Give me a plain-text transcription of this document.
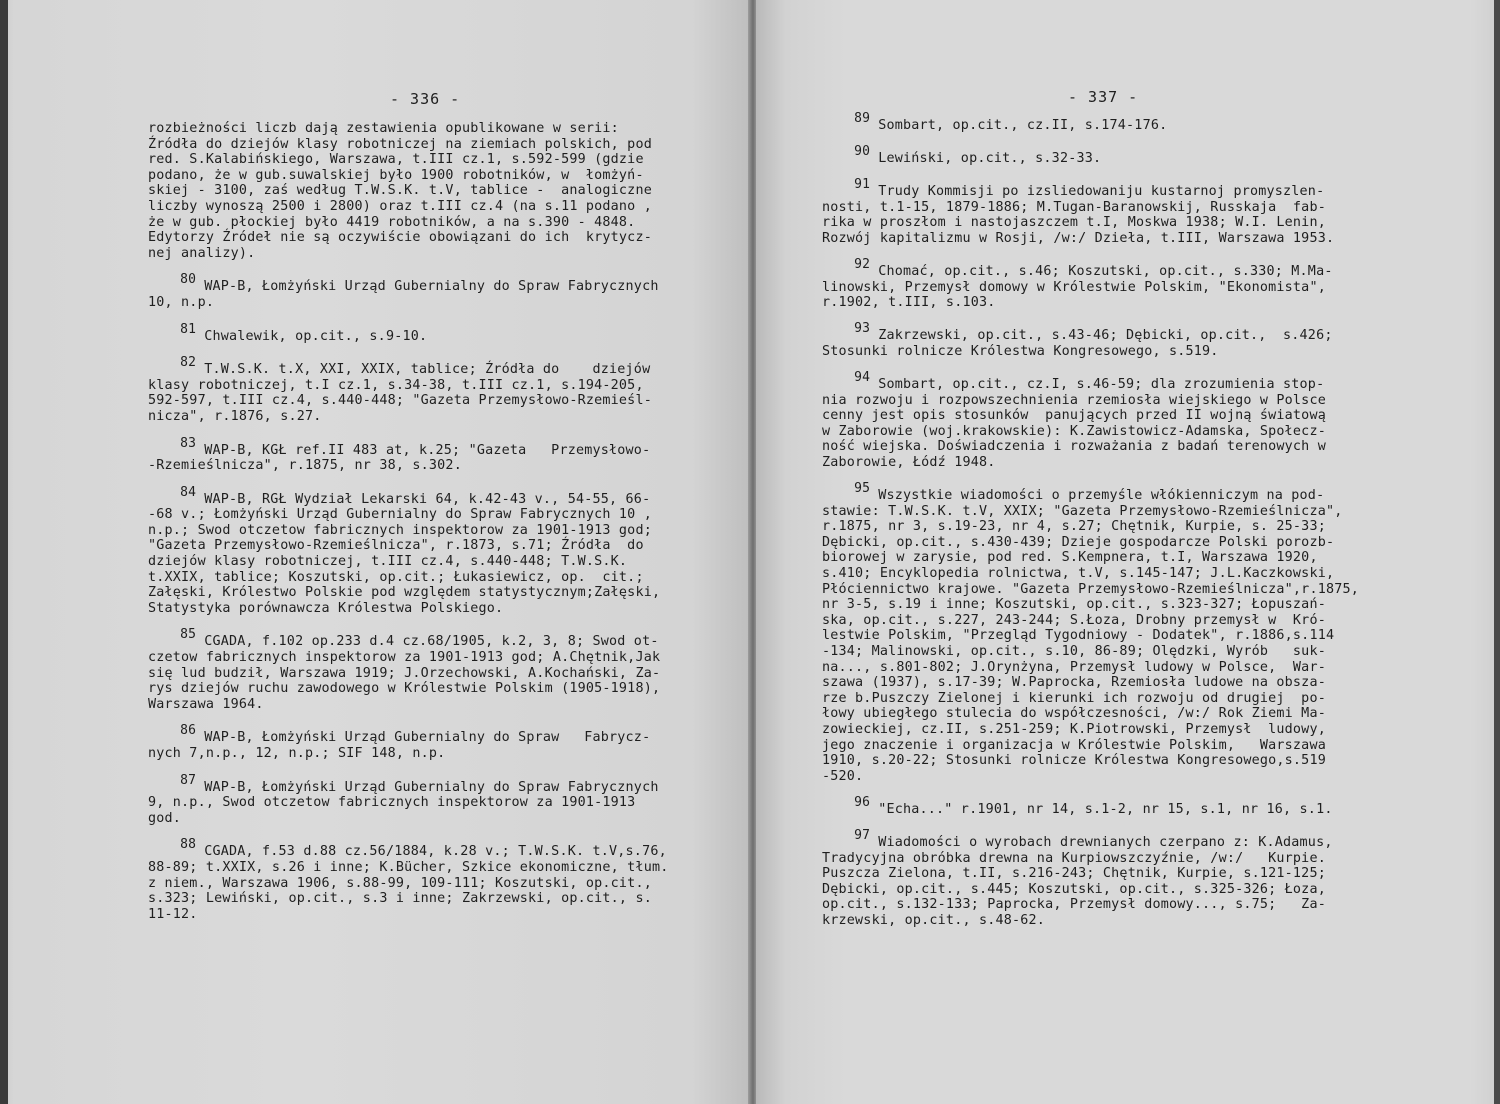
- 336 -
rozbieżności liczb dają zestawienia opublikowane w serii:
Źródła do dziejów klasy robotniczej na ziemiach polskich, pod
red. S.Kalabińskiego, Warszawa, t.III cz.1, s.592-599 (gdzie
podano, że w gub.suwalskiej było 1900 robotników, w  łomżyń-
skiej - 3100, zaś według T.W.S.K. t.V, tablice -  analogiczne
liczby wynoszą 2500 i 2800) oraz t.III cz.4 (na s.11 podano ,
że w gub. płockiej było 4419 robotników, a na s.390 - 4848.
Edytorzy Źródeł nie są oczywiście obowiązani do ich  krytycz-
nej analizy).
80 WAP-B, Łomżyński Urząd Gubernialny do Spraw Fabrycznych
10, n.p.
81 Chwalewik, op.cit., s.9-10.
82 T.W.S.K. t.X, XXI, XXIX, tablice; Źródła do    dziejów
klasy robotniczej, t.I cz.1, s.34-38, t.III cz.1, s.194-205,
592-597, t.III cz.4, s.440-448; "Gazeta Przemysłowo-Rzemieśl-
nicza", r.1876, s.27.
83 WAP-B, KGŁ ref.II 483 at, k.25; "Gazeta   Przemysłowo-
-Rzemieślnicza", r.1875, nr 38, s.302.
84 WAP-B, RGŁ Wydział Lekarski 64, k.42-43 v., 54-55, 66-
-68 v.; Łomżyński Urząd Gubernialny do Spraw Fabrycznych 10 ,
n.p.; Swod otczetow fabricznych inspektorow za 1901-1913 god;
"Gazeta Przemysłowo-Rzemieślnicza", r.1873, s.71; Źródła  do
dziejów klasy robotniczej, t.III cz.4, s.440-448; T.W.S.K.
t.XXIX, tablice; Koszutski, op.cit.; Łukasiewicz, op.  cit.;
Załęski, Królestwo Polskie pod względem statystycznym;Załęski,
Statystyka porównawcza Królestwa Polskiego.
85 CGADA, f.102 op.233 d.4 cz.68/1905, k.2, 3, 8; Swod ot-
czetow fabricznych inspektorow za 1901-1913 god; A.Chętnik,Jak
się lud budził, Warszawa 1919; J.Orzechowski, A.Kochański, Za-
rys dziejów ruchu zawodowego w Królestwie Polskim (1905-1918),
Warszawa 1964.
86 WAP-B, Łomżyński Urząd Gubernialny do Spraw   Fabrycz-
nych 7,n.p., 12, n.p.; SIF 148, n.p.
87 WAP-B, Łomżyński Urząd Gubernialny do Spraw Fabrycznych
9, n.p., Swod otczetow fabricznych inspektorow za 1901-1913
god.
88 CGADA, f.53 d.88 cz.56/1884, k.28 v.; T.W.S.K. t.V,s.76,
88-89; t.XXIX, s.26 i inne; K.Bücher, Szkice ekonomiczne, tłum.
z niem., Warszawa 1906, s.88-99, 109-111; Koszutski, op.cit.,
s.323; Lewiński, op.cit., s.3 i inne; Zakrzewski, op.cit., s.
11-12.
- 337 -
89 Sombart, op.cit., cz.II, s.174-176.
90 Lewiński, op.cit., s.32-33.
91 Trudy Kommisji po izsliedowaniju kustarnoj promyszlen-
nosti, t.1-15, 1879-1886; M.Tugan-Baranowskij, Russkaja  fab-
rika w proszłom i nastojaszczem t.I, Moskwa 1938; W.I. Lenin,
Rozwój kapitalizmu w Rosji, /w:/ Dzieła, t.III, Warszawa 1953.
92 Chomać, op.cit., s.46; Koszutski, op.cit., s.330; M.Ma-
linowski, Przemysł domowy w Królestwie Polskim, "Ekonomista",
r.1902, t.III, s.103.
93 Zakrzewski, op.cit., s.43-46; Dębicki, op.cit.,  s.426;
Stosunki rolnicze Królestwa Kongresowego, s.519.
94 Sombart, op.cit., cz.I, s.46-59; dla zrozumienia stop-
nia rozwoju i rozpowszechnienia rzemiosła wiejskiego w Polsce
cenny jest opis stosunków  panujących przed II wojną światową
w Zaborowie (woj.krakowskie): K.Zawistowicz-Adamska, Społecz-
ność wiejska. Doświadczenia i rozważania z badań terenowych w
Zaborowie, Łódź 1948.
95 Wszystkie wiadomości o przemyśle włókienniczym na pod-
stawie: T.W.S.K. t.V, XXIX; "Gazeta Przemysłowo-Rzemieślnicza",
r.1875, nr 3, s.19-23, nr 4, s.27; Chętnik, Kurpie, s. 25-33;
Dębicki, op.cit., s.430-439; Dzieje gospodarcze Polski porozb-
biorowej w zarysie, pod red. S.Kempnera, t.I, Warszawa 1920,
s.410; Encyklopedia rolnictwa, t.V, s.145-147; J.L.Kaczkowski,
Płóciennictwo krajowe. "Gazeta Przemysłowo-Rzemieślnicza",r.1875,
nr 3-5, s.19 i inne; Koszutski, op.cit., s.323-327; Łopuszań-
ska, op.cit., s.227, 243-244; S.Łoza, Drobny przemysł w  Kró-
lestwie Polskim, "Przegląd Tygodniowy - Dodatek", r.1886,s.114
-134; Malinowski, op.cit., s.10, 86-89; Olędzki, Wyrób   suk-
na..., s.801-802; J.Orynżyna, Przemysł ludowy w Polsce,  War-
szawa (1937), s.17-39; W.Paprocka, Rzemiosła ludowe na obsza-
rze b.Puszczy Zielonej i kierunki ich rozwoju od drugiej  po-
łowy ubiegłego stulecia do współczesności, /w:/ Rok Ziemi Ma-
zowieckiej, cz.II, s.251-259; K.Piotrowski, Przemysł  ludowy,
jego znaczenie i organizacja w Królestwie Polskim,   Warszawa
1910, s.20-22; Stosunki rolnicze Królestwa Kongresowego,s.519
-520.
96 "Echa..." r.1901, nr 14, s.1-2, nr 15, s.1, nr 16, s.1.
97 Wiadomości o wyrobach drewnianych czerpano z: K.Adamus,
Tradycyjna obróbka drewna na Kurpiowszczyźnie, /w:/   Kurpie.
Puszcza Zielona, t.II, s.216-243; Chętnik, Kurpie, s.121-125;
Dębicki, op.cit., s.445; Koszutski, op.cit., s.325-326; Łoza,
op.cit., s.132-133; Paprocka, Przemysł domowy..., s.75;   Za-
krzewski, op.cit., s.48-62.
